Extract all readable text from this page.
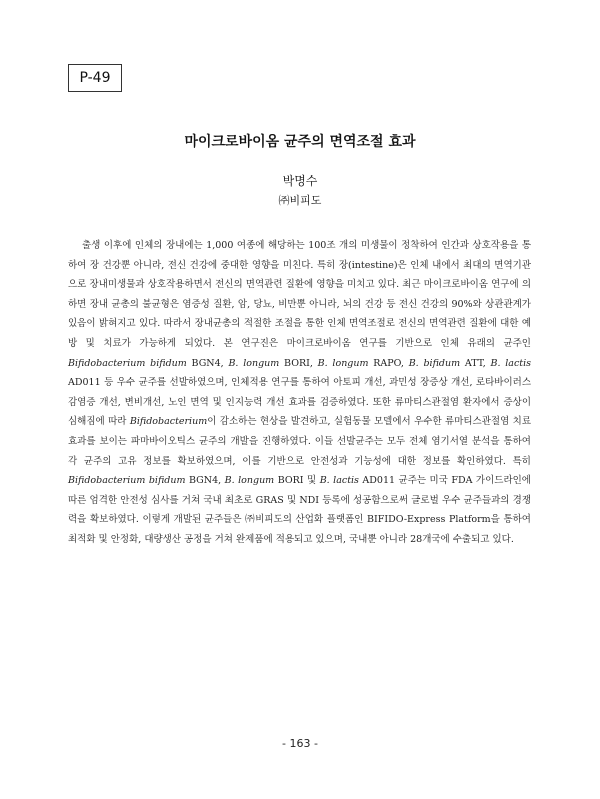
P-49
마이크로바이옴 균주의 면역조절 효과
박명수
㈜비피도

출생 이후에 인체의 장내에는 1,000 여종에 해당하는 100조 개의 미생물이 정착하여 인간과 상호작용을 통하여 장 건강뿐 아니라, 전신 건강에 중대한 영향을 미친다. 특히 장(intestine)은 인체 내에서 최대의 면역기관으로 장내미생물과 상호작용하면서 전신의 면역관련 질환에 영향을 미치고 있다. 최근 마이크로바이옴 연구에 의하면 장내 균총의 불균형은 염증성 질환, 암, 당뇨, 비만뿐 아니라, 뇌의 건강 등 전신 건강의 90%와 상관관계가 있음이 밝혀지고 있다. 따라서 장내균총의 적절한 조절을 통한 인체 면역조절로 전신의 면역관련 질환에 대한 예방 및 치료가 가능하게 되었다. 본 연구진은 마이크로바이옴 연구를 기반으로 인체 유래의 균주인 Bifidobacterium bifidum BGN4, B. longum BORI, B. longum RAPO, B. bifidum ATT, B. lactis AD011 등 우수 균주를 선발하였으며, 인체적용 연구를 통하여 아토피 개선, 과민성 장증상 개선, 로타바이러스 감염증 개선, 변비개선, 노인 면역 및 인지능력 개선 효과를 검증하였다. 또한 류마티스관절염 환자에서 증상이 심해짐에 따라 Bifidobacterium이 감소하는 현상을 발견하고, 실험동물 모델에서 우수한 류마티스관절염 치료 효과를 보이는 파마바이오틱스 균주의 개발을 진행하였다. 이들 선발균주는 모두 전체 염기서열 분석을 통하여 각 균주의 고유 정보를 확보하였으며, 이를 기반으로 안전성과 기능성에 대한 정보를 확인하였다. 특히 Bifidobacterium bifidum BGN4, B. longum BORI 및 B. lactis AD011 균주는 미국 FDA 가이드라인에 따른 엄격한 안전성 심사를 거쳐 국내 최초로 GRAS 및 NDI 등록에 성공함으로써 글로벌 우수 균주들과의 경쟁력을 확보하였다. 이렇게 개발된 균주들은 ㈜비피도의 산업화 플랫폼인 BIFIDO-Express Platform을 통하여 최적화 및 안정화, 대량생산 공정을 거쳐 완제품에 적용되고 있으며, 국내뿐 아니라 28개국에 수출되고 있다.

- 163 -
